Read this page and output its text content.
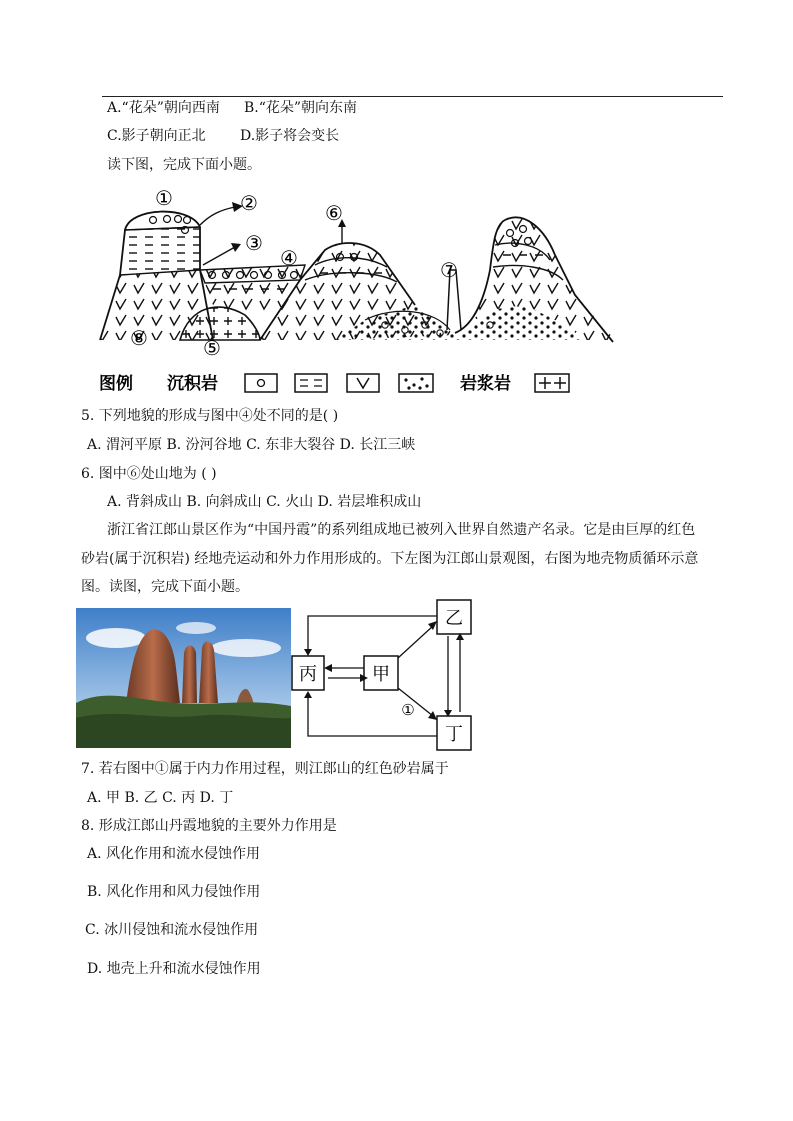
A.“花朵”朝向西南 B.“花朵”朝向东南
C.影子朝向正北 D.影子将会变长
读下图，完成下面小题。
①	②
③
④
⑤
⑥
⑦
⑧
图例 沉积岩	岩浆岩
5. 下列地貌的形成与图中④处不同的是( )
A. 渭河平原 B. 汾河谷地 C. 东非大裂谷 D. 长江三峡
6. 图中⑥处山地为 ( )
A. 背斜成山 B. 向斜成山 C. 火山 D. 岩层堆积成山
浙江省江郎山景区作为“中国丹霞”的系列组成地已被列入世界自然遗产名录。它是由巨厚的红色
砂岩(属于沉积岩) 经地壳运动和外力作用形成的。下左图为江郎山景观图，右图为地壳物质循环示意
图。读图，完成下面小题。
乙
丙	甲
丁
①
7. 若右图中①属于内力作用过程，则江郎山的红色砂岩属于
A. 甲 B. 乙 C. 丙 D. 丁
8. 形成江郎山丹霞地貌的主要外力作用是
A. 风化作用和流水侵蚀作用
B. 风化作用和风力侵蚀作用
C. 冰川侵蚀和流水侵蚀作用
D. 地壳上升和流水侵蚀作用
